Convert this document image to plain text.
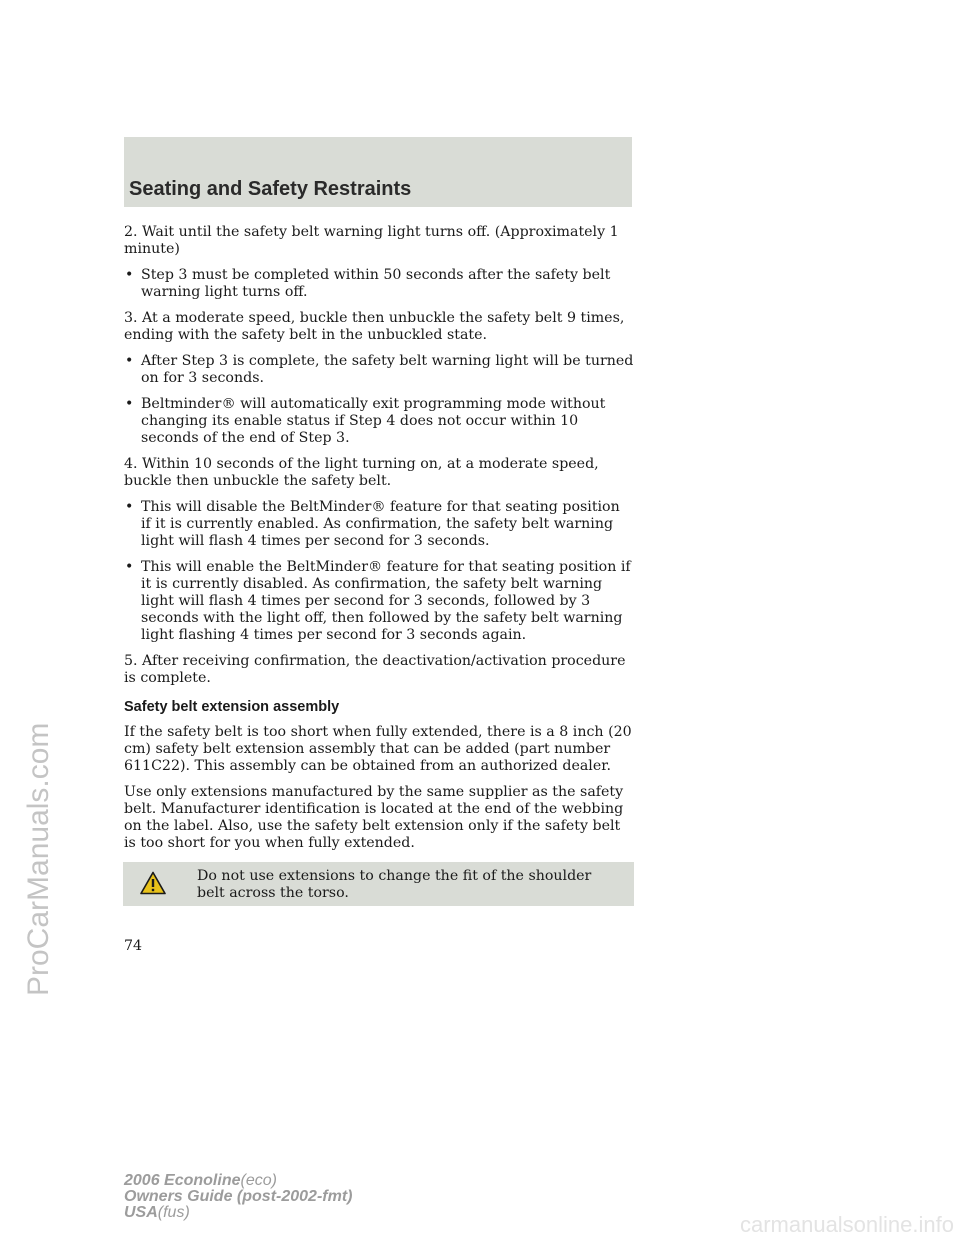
ProCarManuals.com
Seating and Safety Restraints

2. Wait until the safety belt warning light turns off. (Approximately 1 minute)

• Step 3 must be completed within 50 seconds after the safety belt warning light turns off.

3. At a moderate speed, buckle then unbuckle the safety belt 9 times, ending with the safety belt in the unbuckled state.

• After Step 3 is complete, the safety belt warning light will be turned on for 3 seconds.
• Beltminder® will automatically exit programming mode without changing its enable status if Step 4 does not occur within 10 seconds of the end of Step 3.

4. Within 10 seconds of the light turning on, at a moderate speed, buckle then unbuckle the safety belt.

• This will disable the BeltMinder® feature for that seating position if it is currently enabled. As confirmation, the safety belt warning light will flash 4 times per second for 3 seconds.
• This will enable the BeltMinder® feature for that seating position if it is currently disabled. As confirmation, the safety belt warning light will flash 4 times per second for 3 seconds, followed by 3 seconds with the light off, then followed by the safety belt warning light flashing 4 times per second for 3 seconds again.

5. After receiving confirmation, the deactivation/activation procedure is complete.

Safety belt extension assembly

If the safety belt is too short when fully extended, there is a 8 inch (20 cm) safety belt extension assembly that can be added (part number 611C22). This assembly can be obtained from an authorized dealer.

Use only extensions manufactured by the same supplier as the safety belt. Manufacturer identification is located at the end of the webbing on the label. Also, use the safety belt extension only if the safety belt is too short for you when fully extended.

Do not use extensions to change the fit of the shoulder belt across the torso.
74
2006 Econoline(eco)
Owners Guide (post-2002-fmt)
USA(fus)	carmanualsonline.info
